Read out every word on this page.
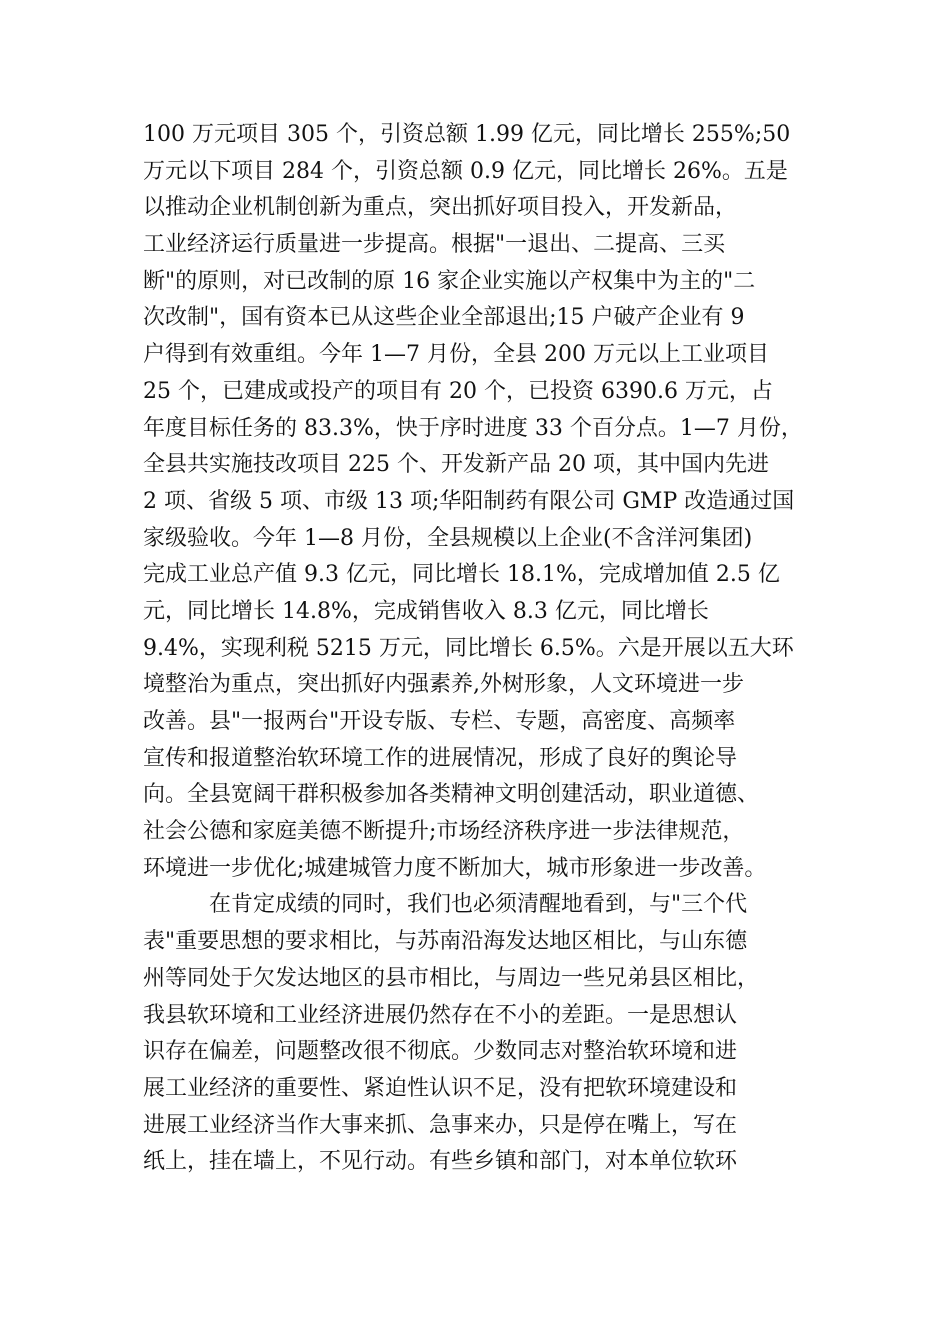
100 万元项目 305 个，引资总额 1.99 亿元，同比增长 255%;50
万元以下项目 284 个，引资总额 0.9 亿元，同比增长 26%。五是
以推动企业机制创新为重点，突出抓好项目投入，开发新品，
工业经济运行质量进一步提高。根据"一退出、二提高、三买
断"的原则，对已改制的原 16 家企业实施以产权集中为主的"二
次改制"，国有资本已从这些企业全部退出;15 户破产企业有 9
户得到有效重组。今年 1—7 月份，全县 200 万元以上工业项目
25 个，已建成或投产的项目有 20 个，已投资 6390.6 万元，占
年度目标任务的 83.3%，快于序时进度 33 个百分点。1—7 月份，
全县共实施技改项目 225 个、开发新产品 20 项，其中国内先进
2 项、省级 5 项、市级 13 项;华阳制药有限公司 GMP 改造通过国
家级验收。今年 1—8 月份，全县规模以上企业(不含洋河集团)
完成工业总产值 9.3 亿元，同比增长 18.1%，完成增加值 2.5 亿
元，同比增长 14.8%，完成销售收入 8.3 亿元，同比增长
9.4%，实现利税 5215 万元，同比增长 6.5%。六是开展以五大环
境整治为重点，突出抓好内强素养,外树形象，人文环境进一步
改善。县"一报两台"开设专版、专栏、专题，高密度、高频率
宣传和报道整治软环境工作的进展情况，形成了良好的舆论导
向。全县宽阔干群积极参加各类精神文明创建活动，职业道德、
社会公德和家庭美德不断提升;市场经济秩序进一步法律规范，
环境进一步优化;城建城管力度不断加大，城市形象进一步改善。
在肯定成绩的同时，我们也必须清醒地看到，与"三个代
表"重要思想的要求相比，与苏南沿海发达地区相比，与山东德
州等同处于欠发达地区的县市相比，与周边一些兄弟县区相比，
我县软环境和工业经济进展仍然存在不小的差距。一是思想认
识存在偏差，问题整改很不彻底。少数同志对整治软环境和进
展工业经济的重要性、紧迫性认识不足，没有把软环境建设和
进展工业经济当作大事来抓、急事来办，只是停在嘴上，写在
纸上，挂在墙上，不见行动。有些乡镇和部门，对本单位软环
